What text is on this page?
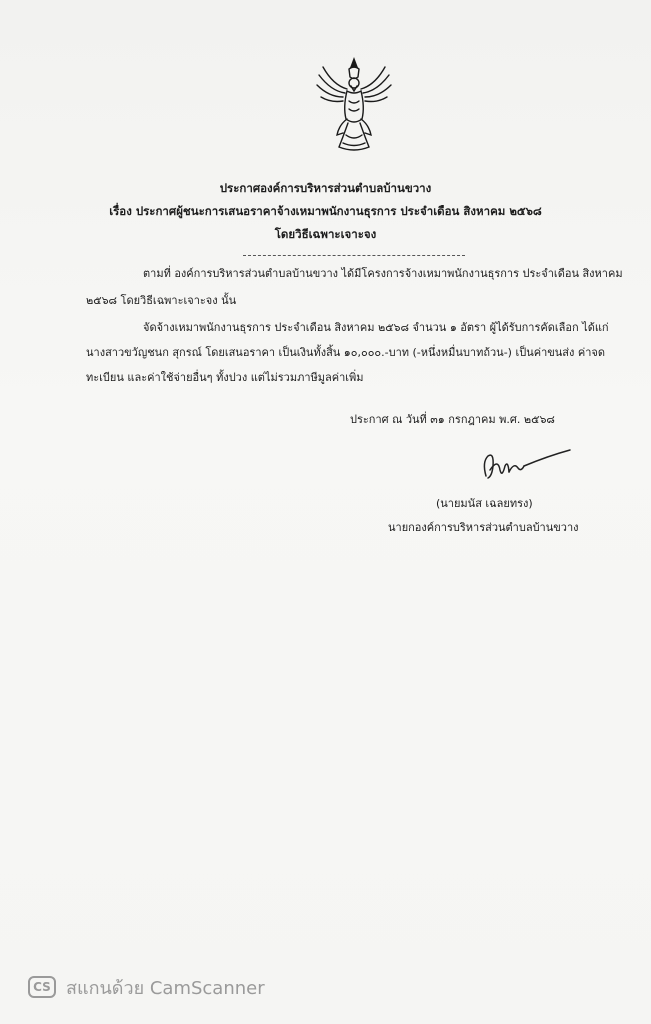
ประกาศองค์การบริหารส่วนตำบลบ้านขวาง
เรื่อง ประกาศผู้ชนะการเสนอราคาจ้างเหมาพนักงานธุรการ ประจำเดือน สิงหาคม ๒๕๖๘
โดยวิธีเฉพาะเจาะจง
ตามที่ องค์การบริหารส่วนตำบลบ้านขวาง ได้มีโครงการจ้างเหมาพนักงานธุรการ ประจำเดือน สิงหาคม
๒๕๖๘ โดยวิธีเฉพาะเจาะจง นั้น
จัดจ้างเหมาพนักงานธุรการ ประจำเดือน สิงหาคม ๒๕๖๘ จำนวน ๑ อัตรา ผู้ได้รับการคัดเลือก ได้แก่
นางสาวขวัญชนก สุกรณ์ โดยเสนอราคา เป็นเงินทั้งสิ้น ๑๐,๐๐๐.-บาท (-หนึ่งหมื่นบาทถ้วน-) เป็นค่าขนส่ง ค่าจด
ทะเบียน และค่าใช้จ่ายอื่นๆ ทั้งปวง แต่ไม่รวมภาษีมูลค่าเพิ่ม
ประกาศ ณ วันที่ ๓๑ กรกฎาคม พ.ศ. ๒๕๖๘
(นายมนัส เฉลยทรง)
นายกองค์การบริหารส่วนตำบลบ้านขวาง
CS สแกนด้วย CamScanner
